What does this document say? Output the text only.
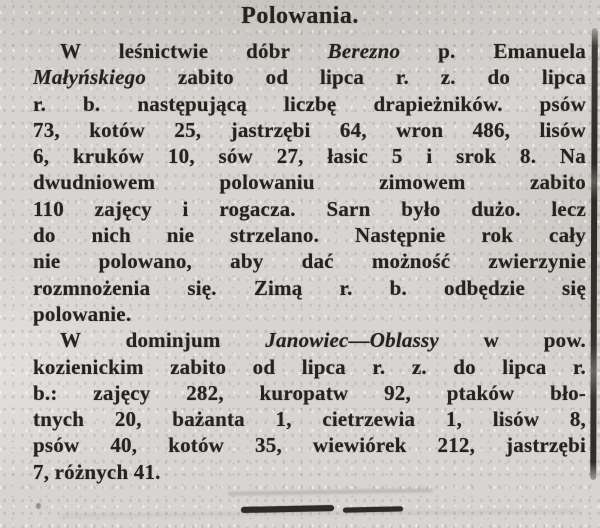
Polowania.
W leśnictwie dóbr Berezno p. Emanuela
Małyńskiego zabito od lipca r. z. do lipca
r. b. następującą liczbę drapieżników. psów
73, kotów 25, jastrzębi 64, wron 486, lisów
6, kruków 10, sów 27, łasic 5 i srok 8. Na
dwudniowem polowaniu zimowem zabito
110 zajęcy i rogacza. Sarn było dużo. lecz
do nich nie strzelano. Następnie rok cały
nie polowano, aby dać możność zwierzynie
rozmnożenia się. Zimą r. b. odbędzie się
polowanie.
W dominjum Janowiec—Oblassy w pow.
kozienickim zabito od lipca r. z. do lipca r.
b.: zajęcy 282, kuropatw 92, ptaków bło-
tnych 20, bażanta 1, cietrzewia 1, lisów 8,
psów 40, kotów 35, wiewiórek 212, jastrzębi
7, różnych 41.
